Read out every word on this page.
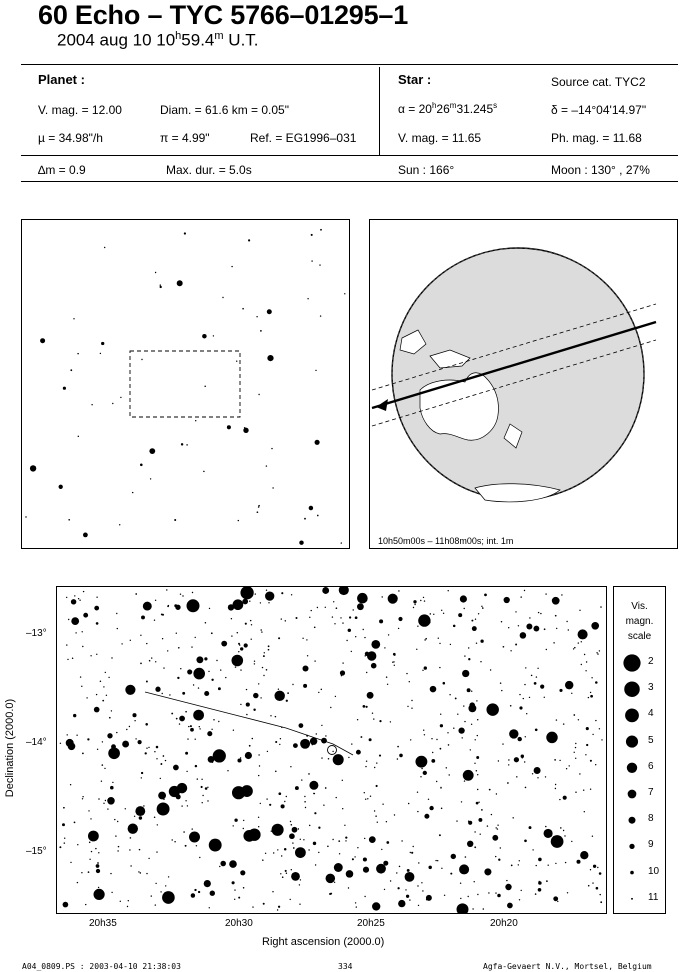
60 Echo – TYC 5766–01295–1
2004 aug 10 10$^h$59.4$^m$ U.T.
Planet :
V. mag. = 12.00	Diam. = 61.6 km = 0.05"
µ = 34.98"/h	π = 4.99"	Ref. = EG1996–031
Star :	Source cat. TYC2
$\alpha = 20^h26^m31.245^s$	δ = –14°04'14.97"
V. mag. = 11.65	Ph. mag. = 11.68
∆m = 0.9	Max. dur. = 5.0s	Sun : 166°	Moon : 130° , 27%
10h50m00s – 11h08m00s; int. 1m
20h35	20h30	20h25	20h20
–13°
–14°
–15°
Right ascension (2000.0)
Declination (2000.0)
Vis.
magn.
scale
2
3
4
5
6
7
8
9
10
11
A04_0809.PS : 2003-04-10 21:38:03	334	Agfa-Gevaert N.V., Mortsel, Belgium
